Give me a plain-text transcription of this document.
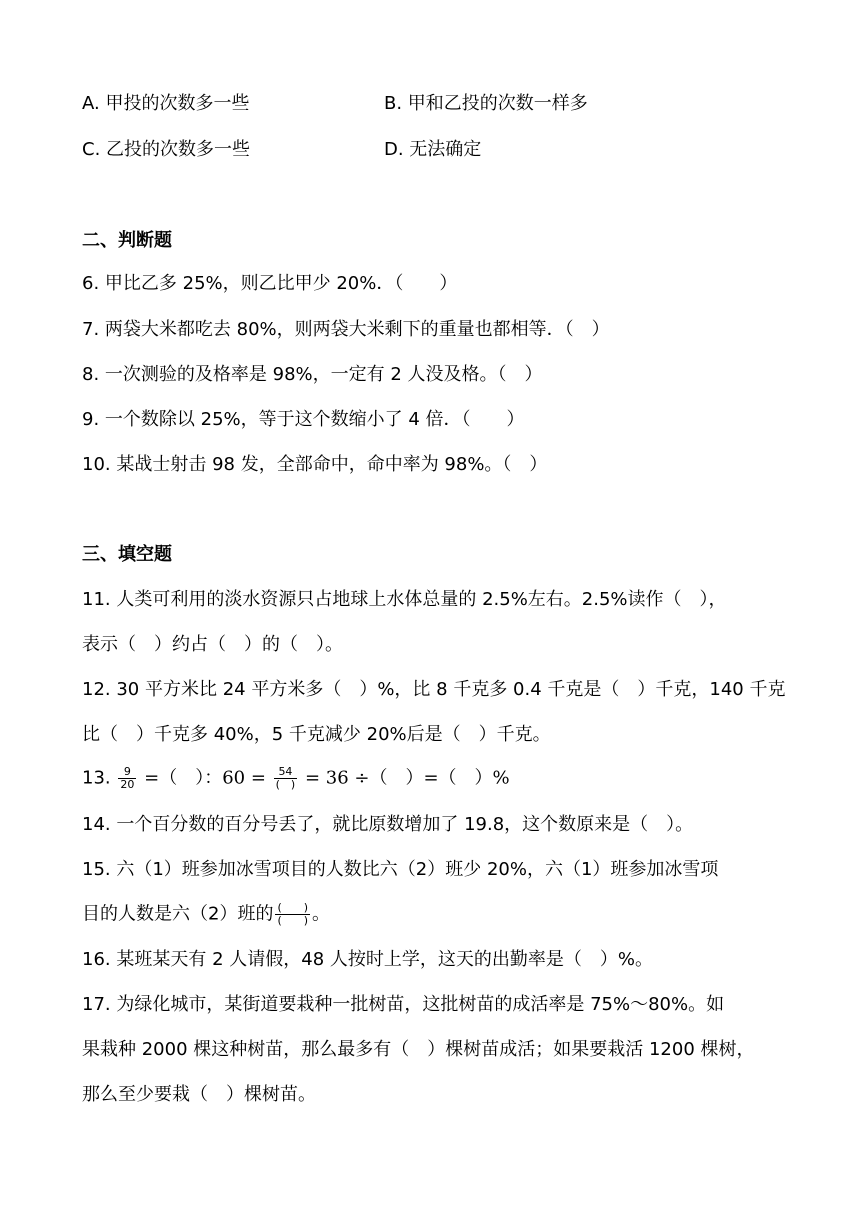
A. 甲投的次数多一些	B. 甲和乙投的次数一样多
C. 乙投的次数多一些	D. 无法确定
二、判断题
6. 甲比乙多 25%，则乙比甲少 20%．（　　）
7. 两袋大米都吃去 80%，则两袋大米剩下的重量也都相等．（　）
8. 一次测验的及格率是 98%，一定有 2 人没及格。（　）
9. 一个数除以 25%，等于这个数缩小了 4 倍．（　　）
10. 某战士射击 98 发，全部命中，命中率为 98%。（　）
三、填空题
11. 人类可利用的淡水资源只占地球上水体总量的 2.5%左右。2.5%读作（　），
表示（　）约占（　）的（　）。
12. 30 平方米比 24 平方米多（　）%，比 8 千克多 0.4 千克是（　）千克，140 千克
比（　）千克多 40%，5 千克减少 20%后是（　）千克。
13. $\frac{9}{20}$ =（　）：$60 = \frac{54}{( )} = 36$ ÷（　）=（　）%
14. 一个百分数的百分号丢了，就比原数增加了 19.8，这个数原来是（　）。
15. 六（1）班参加冰雪项目的人数比六（2）班少 20%，六（1）班参加冰雪项
目的人数是六（2）班的 $\frac{( )}{( )}$ 。
16. 某班某天有 2 人请假，48 人按时上学，这天的出勤率是（　）%。
17. 为绿化城市，某街道要栽种一批树苗，这批树苗的成活率是 75%～80%。如
果栽种 2000 棵这种树苗，那么最多有（　）棵树苗成活；如果要栽活 1200 棵树，
那么至少要栽（　）棵树苗。
